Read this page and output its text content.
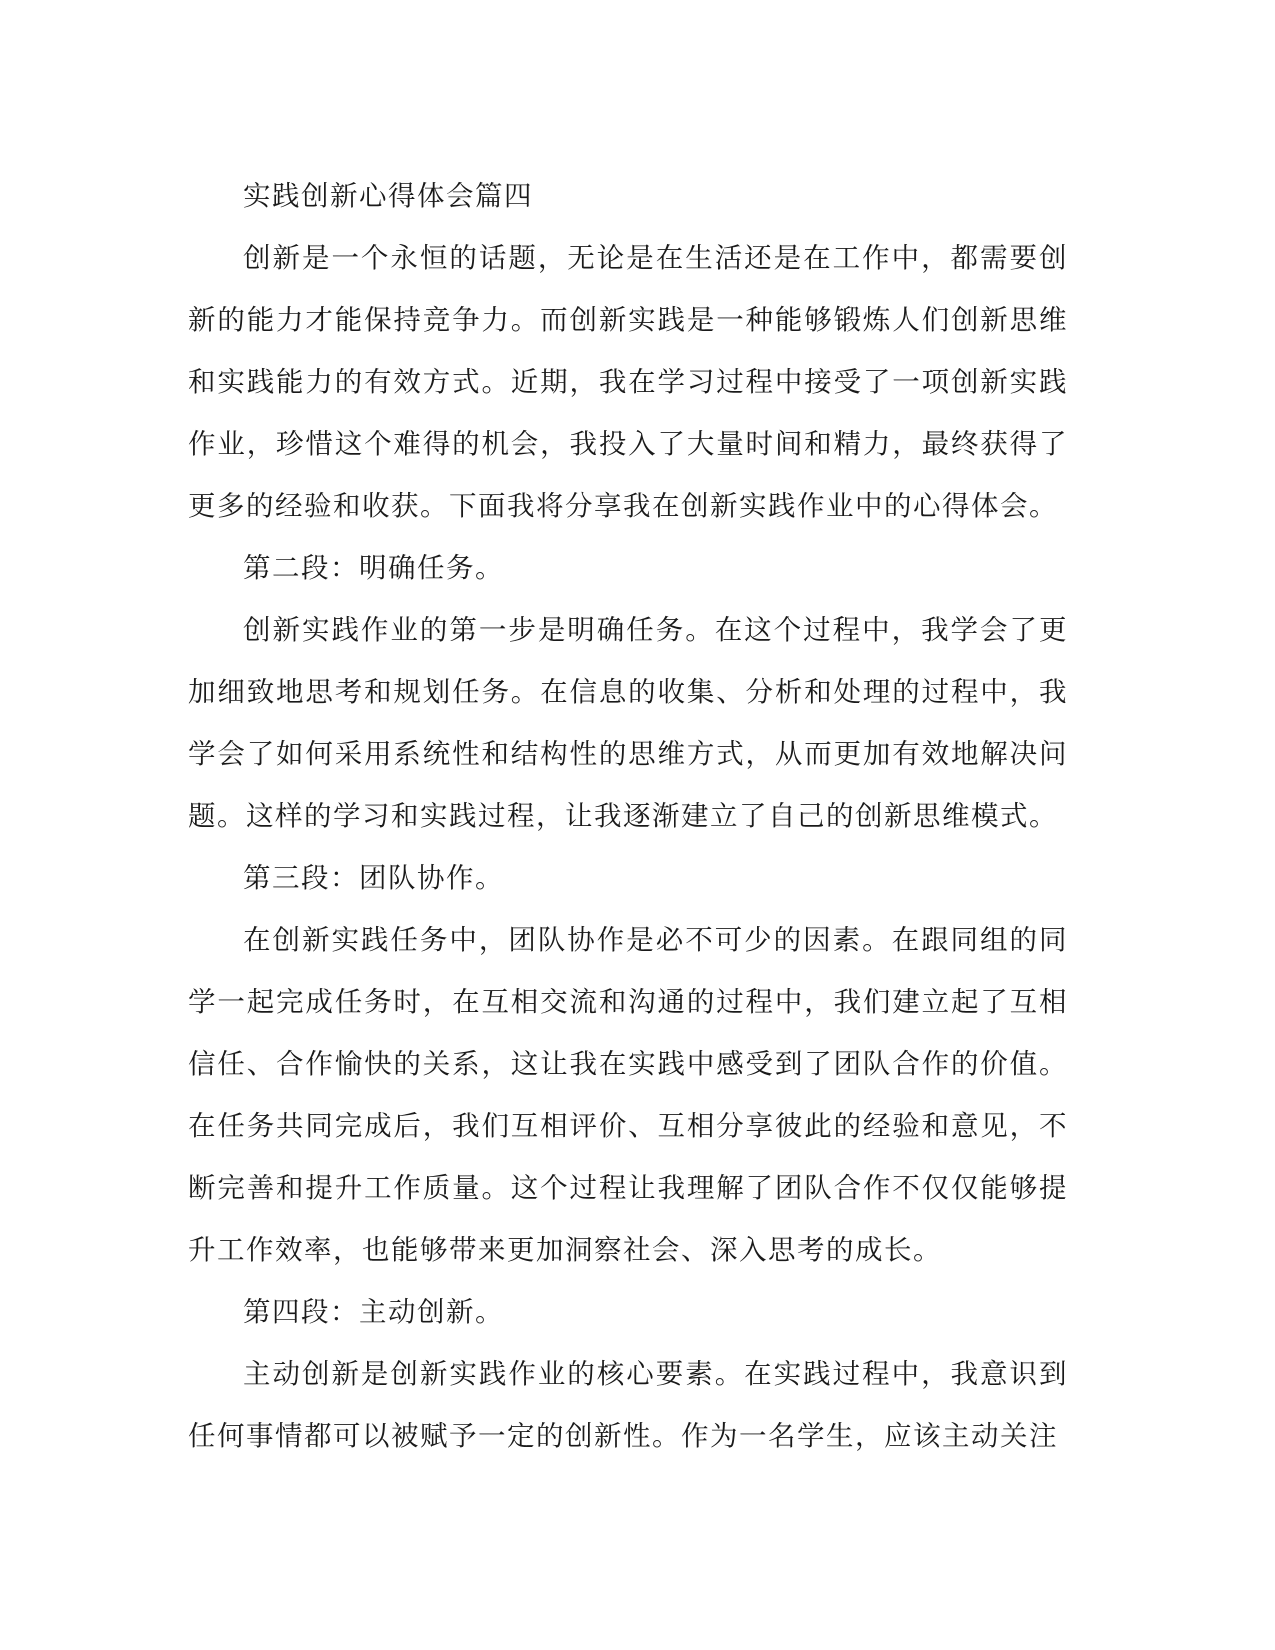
实践创新心得体会篇四

创新是一个永恒的话题，无论是在生活还是在工作中，都需要创新的能力才能保持竞争力。而创新实践是一种能够锻炼人们创新思维和实践能力的有效方式。近期，我在学习过程中接受了一项创新实践作业，珍惜这个难得的机会，我投入了大量时间和精力，最终获得了更多的经验和收获。下面我将分享我在创新实践作业中的心得体会。

第二段：明确任务。

创新实践作业的第一步是明确任务。在这个过程中，我学会了更加细致地思考和规划任务。在信息的收集、分析和处理的过程中，我学会了如何采用系统性和结构性的思维方式，从而更加有效地解决问题。这样的学习和实践过程，让我逐渐建立了自己的创新思维模式。

第三段：团队协作。

在创新实践任务中，团队协作是必不可少的因素。在跟同组的同学一起完成任务时，在互相交流和沟通的过程中，我们建立起了互相信任、合作愉快的关系，这让我在实践中感受到了团队合作的价值。在任务共同完成后，我们互相评价、互相分享彼此的经验和意见，不断完善和提升工作质量。这个过程让我理解了团队合作不仅仅能够提升工作效率，也能够带来更加洞察社会、深入思考的成长。

第四段：主动创新。

主动创新是创新实践作业的核心要素。在实践过程中，我意识到任何事情都可以被赋予一定的创新性。作为一名学生，应该主动关注
